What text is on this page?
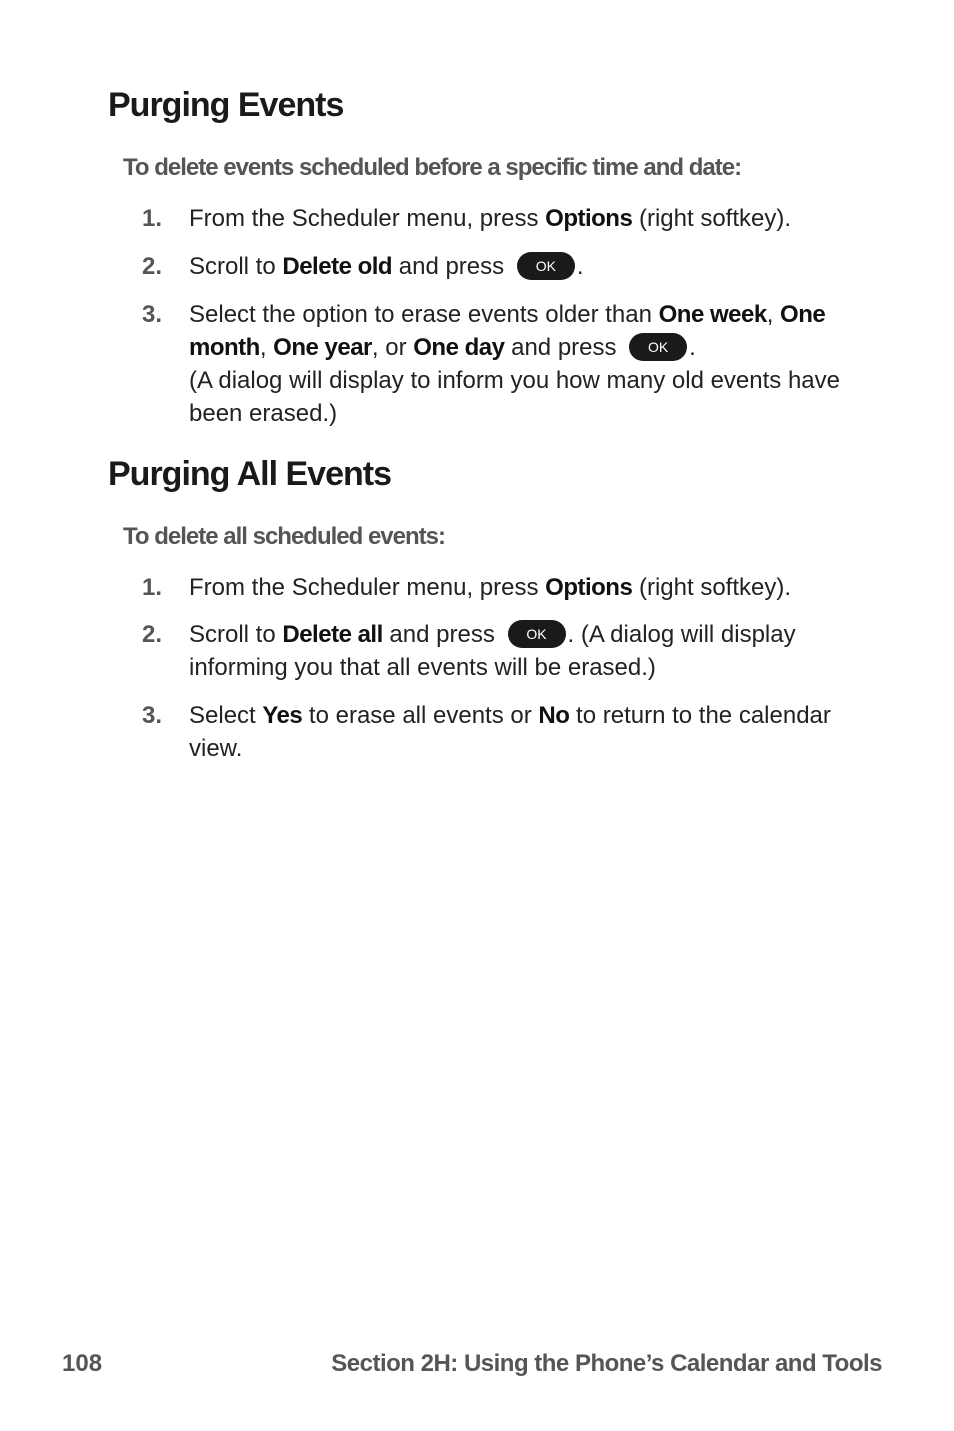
Purging Events

To delete events scheduled before a specific time and date:

1. From the Scheduler menu, press Options (right softkey).
2. Scroll to Delete old and press OK .
3. Select the option to erase events older than One week, One month, One year, or One day and press OK .
(A dialog will display to inform you how many old events have been erased.)
Purging All Events

To delete all scheduled events:

1. From the Scheduler menu, press Options (right softkey).
2. Scroll to Delete all and press OK . (A dialog will display informing you that all events will be erased.)
3. Select Yes to erase all events or No to return to the calendar view.
108	Section 2H: Using the Phone’s Calendar and Tools
